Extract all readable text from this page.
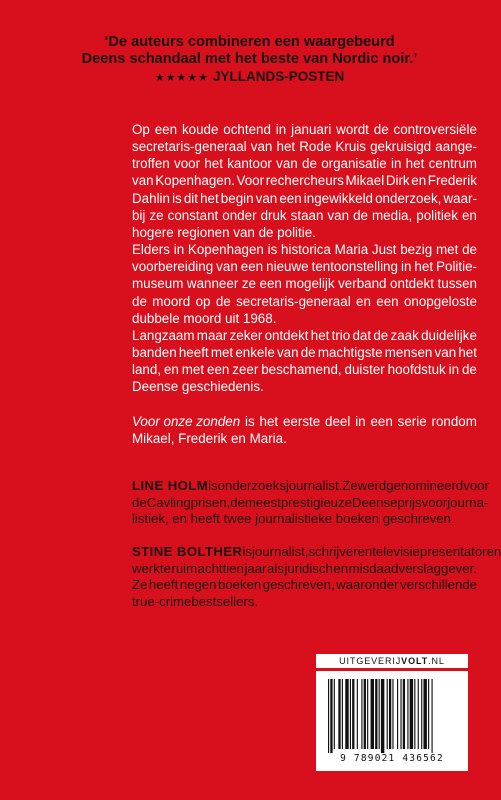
‘De auteurs combineren een waargebeurd
Deens schandaal met het beste van Nordic noir.’
★★★★★ JYLLANDS-POSTEN
Op een koude ochtend in januari wordt de controversiële
secretaris-generaal van het Rode Kruis gekruisigd aange-
troffen voor het kantoor van de organisatie in het centrum
van Kopenhagen. Voor rechercheurs Mikael Dirk en Frederik
Dahlin is dit het begin van een ingewikkeld onderzoek, waar-
bij ze constant onder druk staan van de media, politiek en
hogere regionen van de politie.
Elders in Kopenhagen is historica Maria Just bezig met de
voorbereiding van een nieuwe tentoonstelling in het Politie-
museum wanneer ze een mogelijk verband ontdekt tussen
de moord op de secretaris-generaal en een onopgeloste
dubbele moord uit 1968.
Langzaam maar zeker ontdekt het trio dat de zaak duidelijke
banden heeft met enkele van de machtigste mensen van het
land, en met een zeer beschamend, duister hoofdstuk in de
Deense geschiedenis.
Voor onze zonden is het eerste deel in een serie rondom
Mikael, Frederik en Maria.
LINE HOLM is onderzoeksjournalist. Ze werd genomineerd voor
de Cavlingprisen, de meest prestigieuze Deense prijs voor journa-
listiek, en heeft twee journalistieke boeken geschreven.
STINE BOLTHER is journalist, schrijver en televisiepresentator en
werkte ruim achttien jaar als juridisch en misdaadverslaggever.
Ze heeft negen boeken geschreven, waaronder verschillende
true-crimebestsellers.
UITGEVERIJVOLT.NL
9 789021 436562
